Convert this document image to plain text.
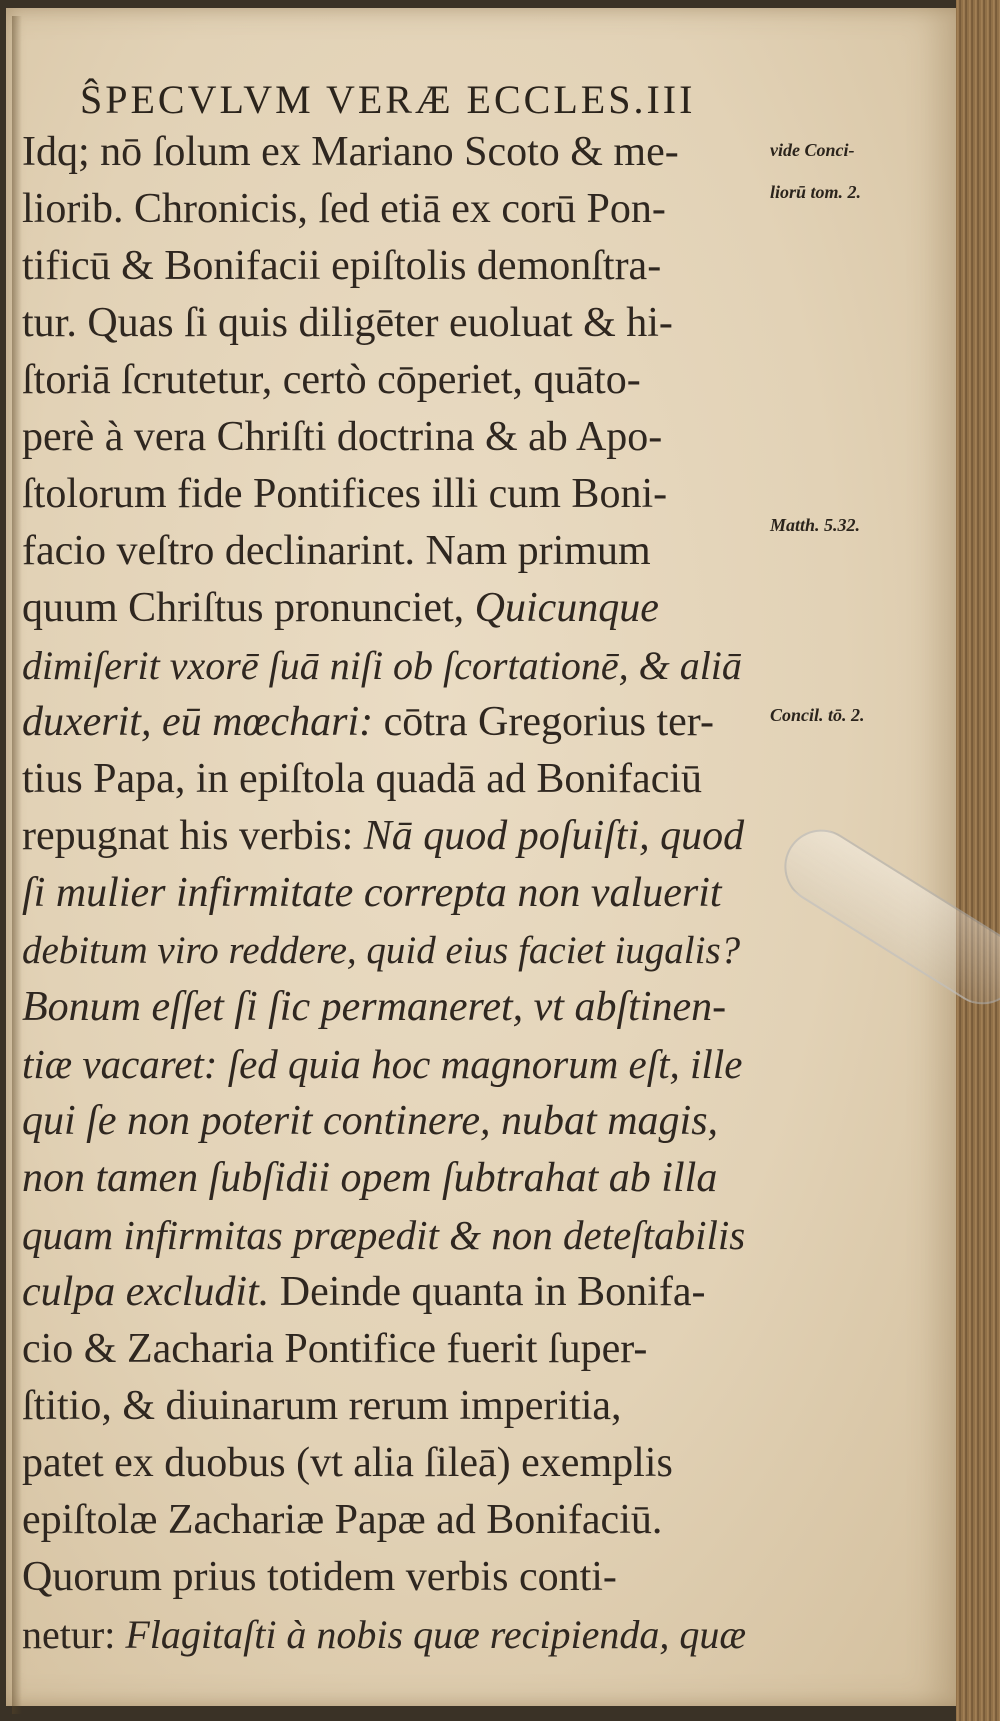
ŜPECVLVM VERÆ ECCLES.III
Idq; nō ſolum ex Mariano Scoto & me-
liorib. Chronicis, ſed etiā ex corū Pon-
tificū & Bonifacii epiſtolis demonſtra-
tur. Quas ſi quis diligēter euoluat & hi-
ſtoriā ſcrutetur, certò cōperiet, quāto-
perè à vera Chriſti doctrina & ab Apo-
ſtolorum fide Pontifices illi cum Boni-
facio veſtro declinarint. Nam primum
quum Chriſtus pronunciet, Quicunque
dimiſerit vxorē ſuā niſi ob ſcortationē, & aliā
duxerit, eū mœchari: cōtra Gregorius ter-
tius Papa, in epiſtola quadā ad Bonifaciū
repugnat his verbis: Nā quod poſuiſti, quod
ſi mulier infirmitate correpta non valuerit
debitum viro reddere, quid eius faciet iugalis?
Bonum eſſet ſi ſic permaneret, vt abſtinen-
tiæ vacaret: ſed quia hoc magnorum eſt, ille
qui ſe non poterit continere, nubat magis,
non tamen ſubſidii opem ſubtrahat ab illa
quam infirmitas præpedit & non deteſtabilis
culpa excludit. Deinde quanta in Bonifa-
cio & Zacharia Pontifice fuerit ſuper-
ſtitio, & diuinarum rerum imperitia,
patet ex duobus (vt alia ſileā) exemplis
epiſtolæ Zachariæ Papæ ad Bonifaciū.
Quorum prius totidem verbis conti-
netur: Flagitaſti à nobis quæ recipienda, quæ
vide Conci-
liorū tom. 2.
Matth. 5.32.
Concil. tō. 2.
